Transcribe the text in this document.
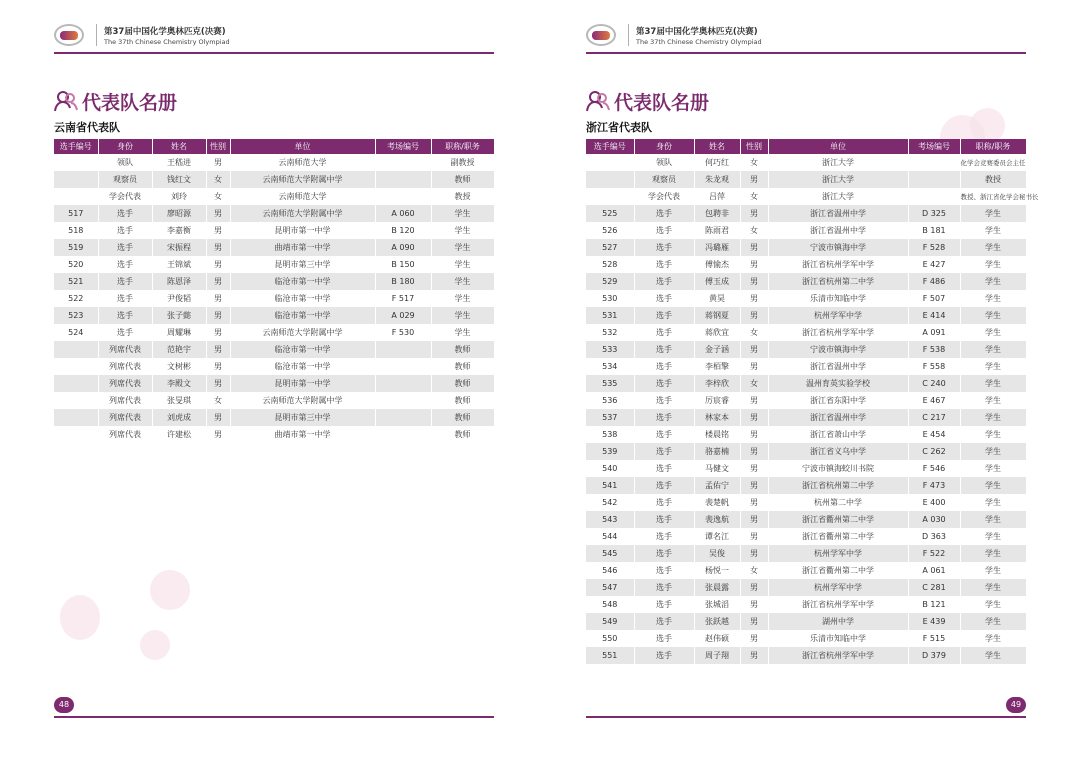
第37届中国化学奥林匹克(决赛)
The 37th Chinese Chemistry Olympiad
代表队名册
云南省代表队
选手编号	身份	姓名	性别	单位	考场编号	职称/职务
	领队	王嵇进	男	云南师范大学		副教授
	观察员	钱红文	女	云南师范大学附属中学		教师
	学会代表	刘玲	女	云南师范大学		教授
517	选手	廖昭源	男	云南师范大学附属中学	A 060	学生
518	选手	李嘉衡	男	昆明市第一中学	B 120	学生
519	选手	宋振程	男	曲靖市第一中学	A 090	学生
520	选手	王锦斌	男	昆明市第三中学	B 150	学生
521	选手	陈恩泽	男	临沧市第一中学	B 180	学生
522	选手	尹俊韬	男	临沧市第一中学	F 517	学生
523	选手	张子懿	男	临沧市第一中学	A 029	学生
524	选手	周耀琳	男	云南师范大学附属中学	F 530	学生
	列席代表	范艳宇	男	临沧市第一中学		教师
	列席代表	文树彬	男	临沧市第一中学		教师
	列席代表	李殿文	男	昆明市第一中学		教师
	列席代表	张旻琪	女	云南师范大学附属中学		教师
	列席代表	刘虎成	男	昆明市第三中学		教师
	列席代表	许建松	男	曲靖市第一中学		教师
48
第37届中国化学奥林匹克(决赛)
The 37th Chinese Chemistry Olympiad
代表队名册
浙江省代表队
选手编号	身份	姓名	性别	单位	考场编号	职称/职务
	领队	何巧红	女	浙江大学		化学会竞赛委员会主任
	观察员	朱龙观	男	浙江大学		教授
	学会代表	吕萍	女	浙江大学		教授、浙江省化学会秘书长
525	选手	包聘非	男	浙江省温州中学	D 325	学生
526	选手	陈雨君	女	浙江省温州中学	B 181	学生
527	选手	冯璐雁	男	宁波市镇海中学	F 528	学生
528	选手	傅愉杰	男	浙江省杭州学军中学	E 427	学生
529	选手	傅玉成	男	浙江省杭州第二中学	F 486	学生
530	选手	黄昊	男	乐清市知临中学	F 507	学生
531	选手	蒋钢夏	男	杭州学军中学	E 414	学生
532	选手	蒋欣宜	女	浙江省杭州学军中学	A 091	学生
533	选手	金子涵	男	宁波市镇海中学	F 538	学生
534	选手	李栢擎	男	浙江省温州中学	F 558	学生
535	选手	李梓欣	女	温州育英实验学校	C 240	学生
536	选手	厉宸睿	男	浙江省东阳中学	E 467	学生
537	选手	林家本	男	浙江省温州中学	C 217	学生
538	选手	楼晨铭	男	浙江省萧山中学	E 454	学生
539	选手	骆嘉楠	男	浙江省义乌中学	C 262	学生
540	选手	马健文	男	宁波市镇海蛟川书院	F 546	学生
541	选手	孟佑宁	男	浙江省杭州第二中学	F 473	学生
542	选手	裴楚帆	男	杭州第二中学	E 400	学生
543	选手	裴逸航	男	浙江省衢州第二中学	A 030	学生
544	选手	谭名江	男	浙江省衢州第二中学	D 363	学生
545	选手	吴俊	男	杭州学军中学	F 522	学生
546	选手	杨悦一	女	浙江省衢州第二中学	A 061	学生
547	选手	张晨露	男	杭州学军中学	C 281	学生
548	选手	张城滔	男	浙江省杭州学军中学	B 121	学生
549	选手	张跃越	男	湖州中学	E 439	学生
550	选手	赵伟硕	男	乐清市知临中学	F 515	学生
551	选手	周子翔	男	浙江省杭州学军中学	D 379	学生
49
